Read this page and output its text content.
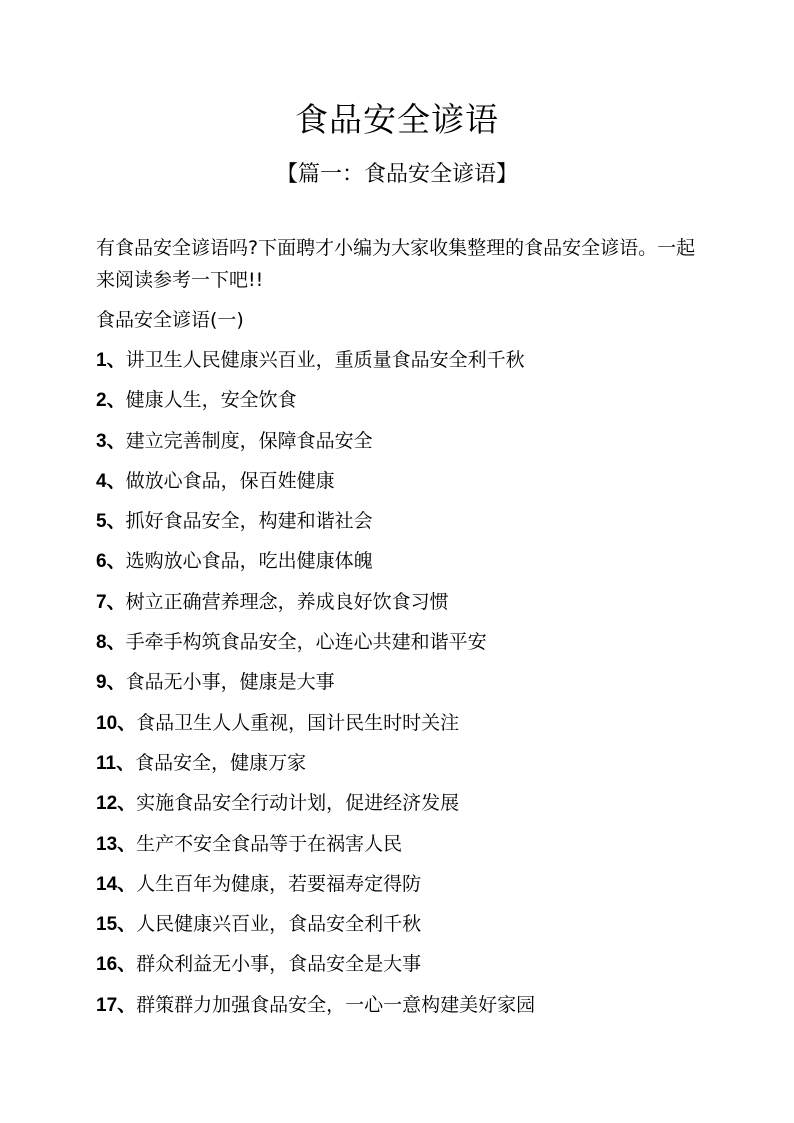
食品安全谚语
【篇一：食品安全谚语】
有食品安全谚语吗?下面聘才小编为大家收集整理的食品安全谚语。一起来阅读参考一下吧!!
食品安全谚语(一)
1、讲卫生人民健康兴百业，重质量食品安全利千秋
2、健康人生，安全饮食
3、建立完善制度，保障食品安全
4、做放心食品，保百姓健康
5、抓好食品安全，构建和谐社会
6、选购放心食品，吃出健康体魄
7、树立正确营养理念，养成良好饮食习惯
8、手牵手构筑食品安全，心连心共建和谐平安
9、食品无小事，健康是大事
10、食品卫生人人重视，国计民生时时关注
11、食品安全，健康万家
12、实施食品安全行动计划，促进经济发展
13、生产不安全食品等于在祸害人民
14、人生百年为健康，若要福寿定得防
15、人民健康兴百业，食品安全利千秋
16、群众利益无小事，食品安全是大事
17、群策群力加强食品安全，一心一意构建美好家园
